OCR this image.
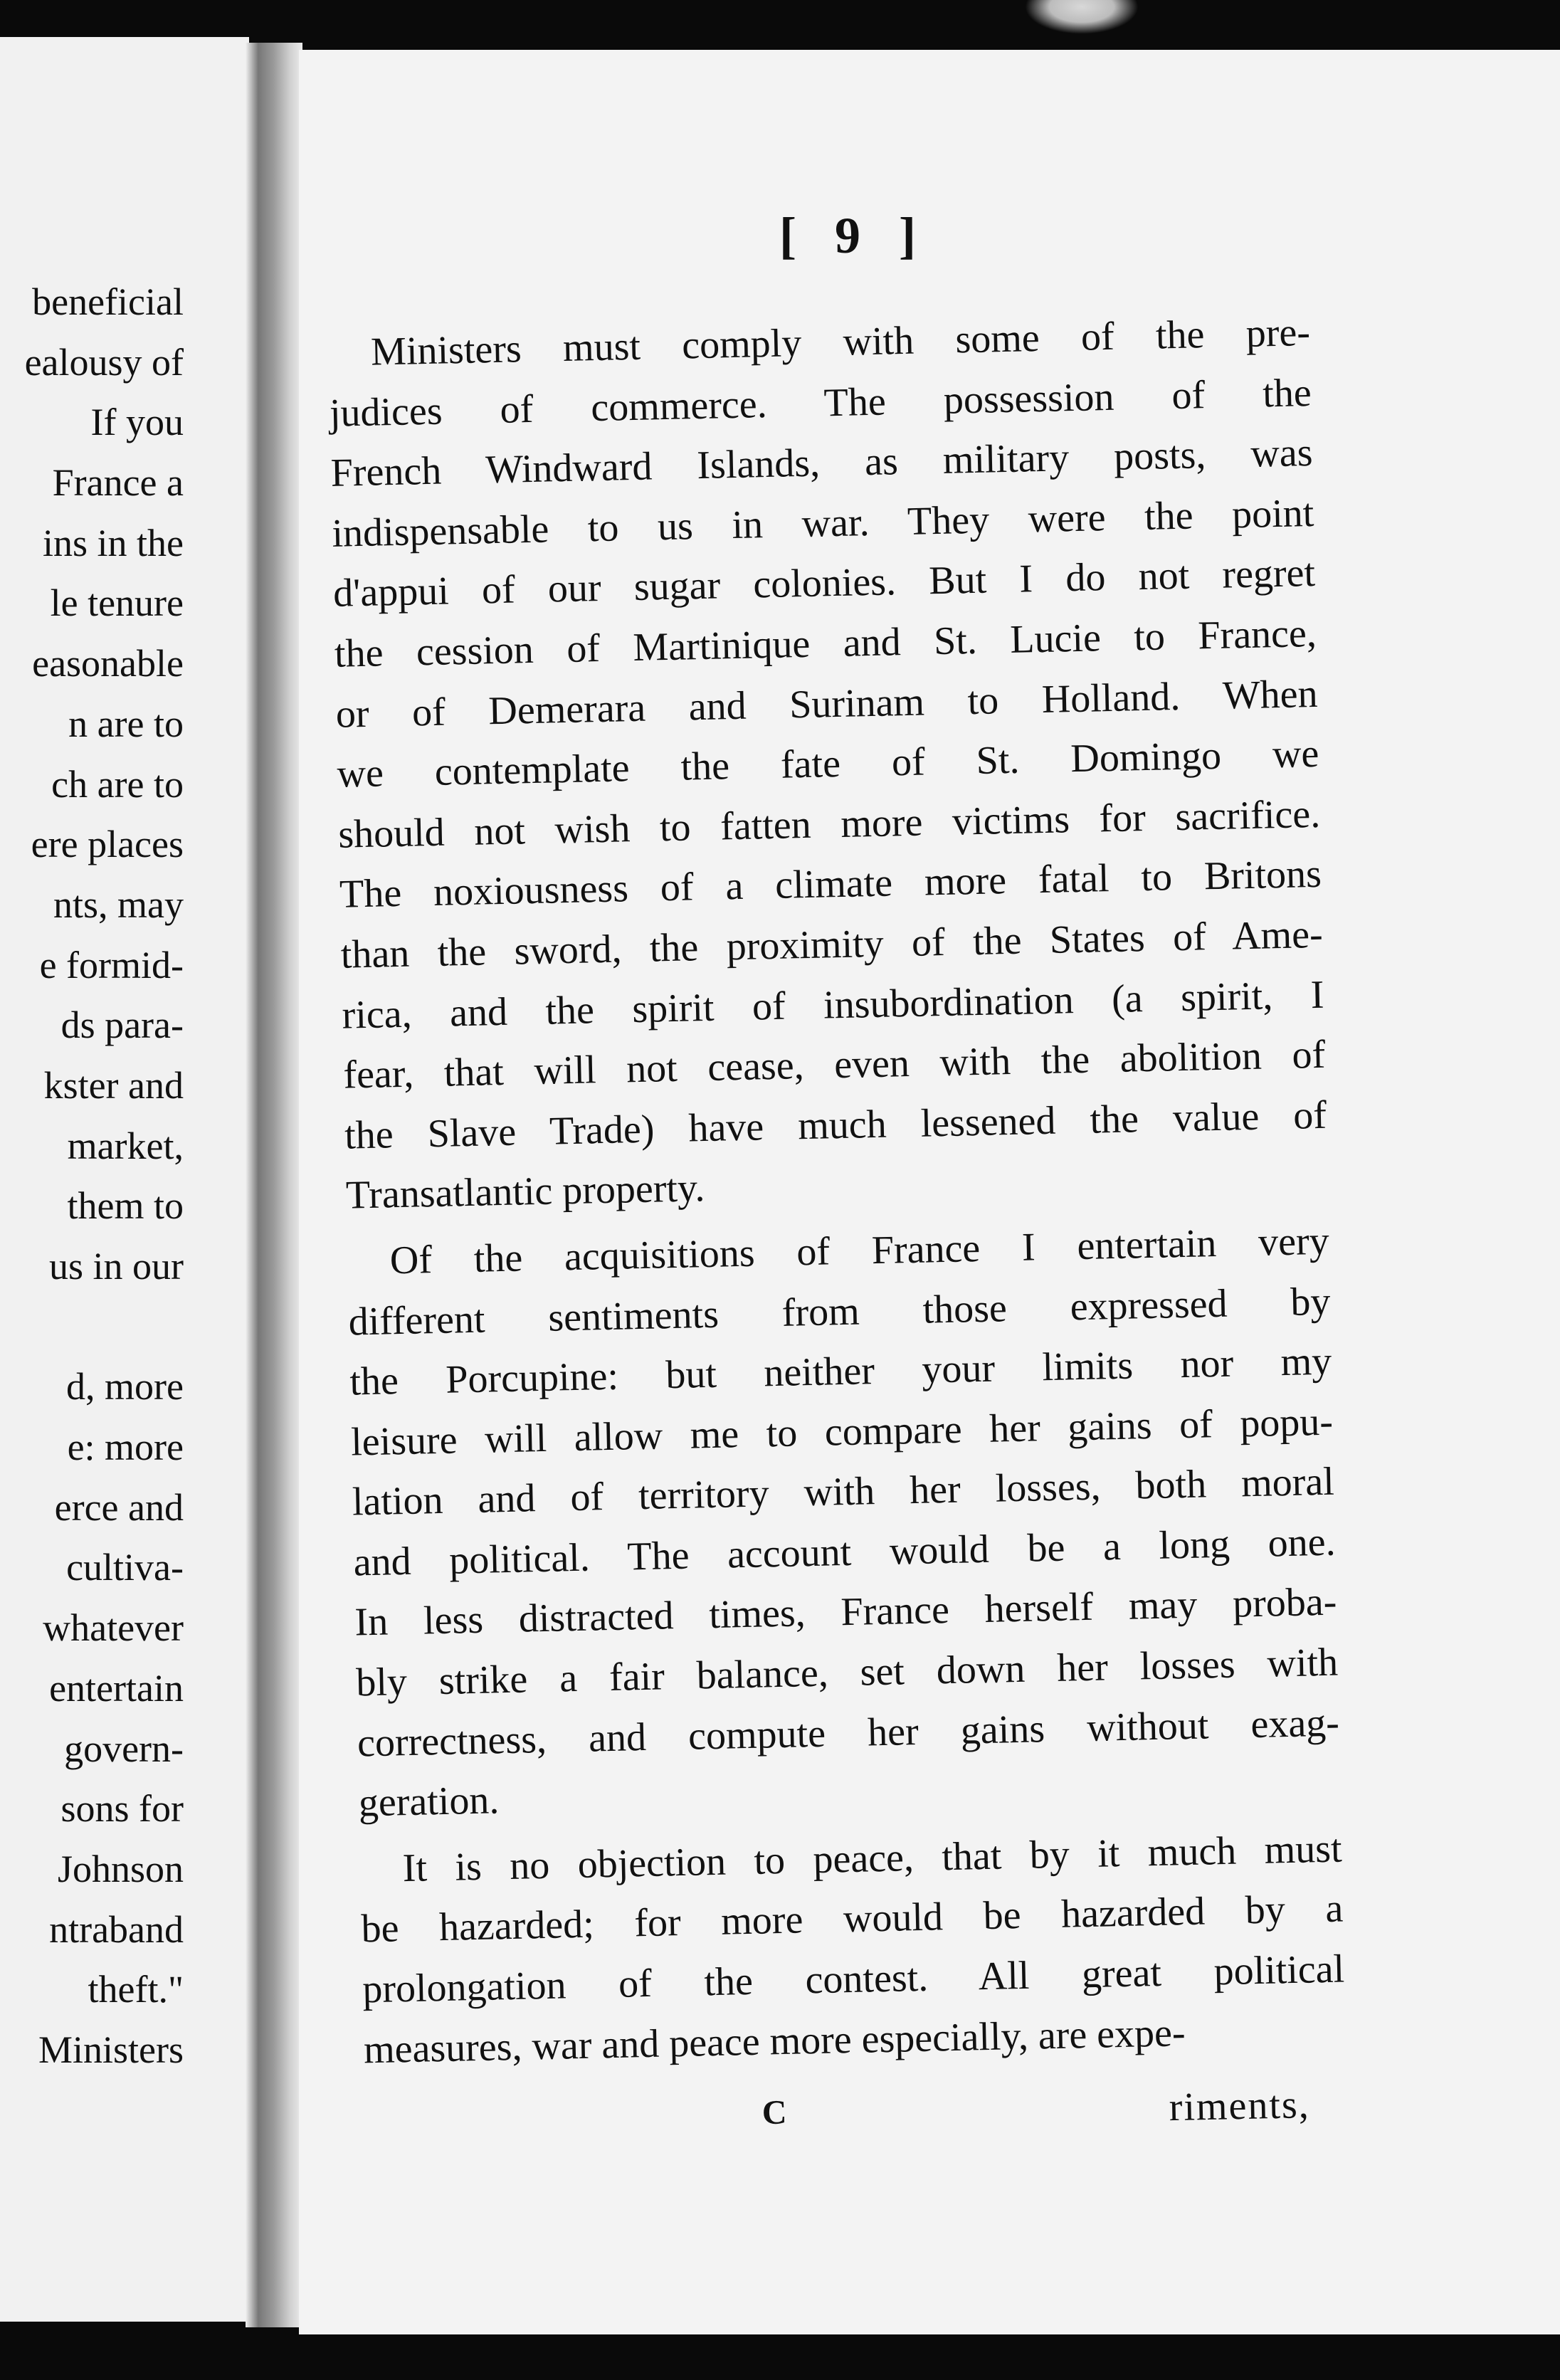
beneficial
ealousy of
If you
France a
ins in the
le tenure
easonable
n are to
ch are to
ere places
nts, may
e formid-
ds para-
kster and
market,
them to
us in our
d, more
e: more
erce and
cultiva-
whatever
entertain
govern-
sons for
Johnson
ntraband
theft."
Ministers
[ 9 ]
Ministers must comply with some of the pre-
judices of commerce. The possession of the
French Windward Islands, as military posts, was
indispensable to us in war. They were the point
d'appui of our sugar colonies. But I do not regret
the cession of Martinique and St. Lucie to France,
or of Demerara and Surinam to Holland. When
we contemplate the fate of St. Domingo we
should not wish to fatten more victims for sacrifice.
The noxiousness of a climate more fatal to Britons
than the sword, the proximity of the States of Ame-
rica, and the spirit of insubordination (a spirit, I
fear, that will not cease, even with the abolition of
the Slave Trade) have much lessened the value of
Transatlantic property.
Of the acquisitions of France I entertain very
different sentiments from those expressed by
the Porcupine: but neither your limits nor my
leisure will allow me to compare her gains of popu-
lation and of territory with her losses, both moral
and political. The account would be a long one.
In less distracted times, France herself may proba-
bly strike a fair balance, set down her losses with
correctness, and compute her gains without exag-
geration.
It is no objection to peace, that by it much must
be hazarded; for more would be hazarded by a
prolongation of the contest. All great political
measures, war and peace more especially, are expe-
C	riments,
